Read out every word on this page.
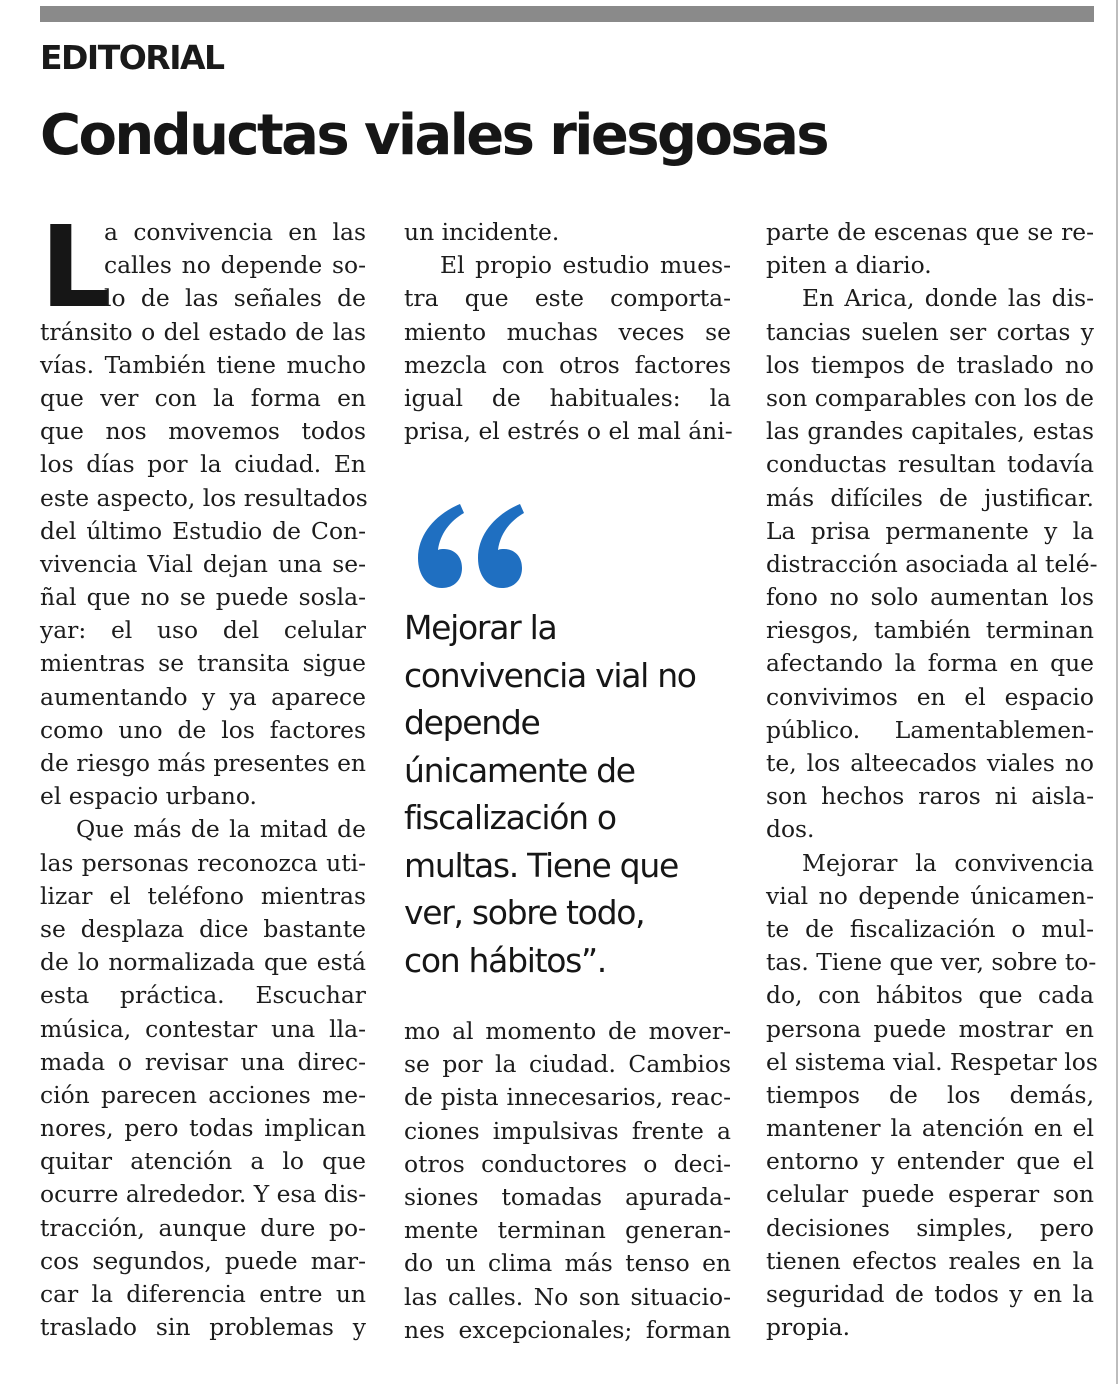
EDITORIAL
Conductas viales riesgosas
L
a convivencia en las
calles no depende so-
lo de las señales de
tránsito o del estado de las
vías. También tiene mucho
que ver con la forma en
que nos movemos todos
los días por la ciudad. En
este aspecto, los resultados
del último Estudio de Con-
vivencia Vial dejan una se-
ñal que no se puede sosla-
yar: el uso del celular
mientras se transita sigue
aumentando y ya aparece
como uno de los factores
de riesgo más presentes en
el espacio urbano.
Que más de la mitad de
las personas reconozca uti-
lizar el teléfono mientras
se desplaza dice bastante
de lo normalizada que está
esta práctica. Escuchar
música, contestar una lla-
mada o revisar una direc-
ción parecen acciones me-
nores, pero todas implican
quitar atención a lo que
ocurre alrededor. Y esa dis-
tracción, aunque dure po-
cos segundos, puede mar-
car la diferencia entre un
traslado sin problemas y
un incidente.
El propio estudio mues-
tra que este comporta-
miento muchas veces se
mezcla con otros factores
igual de habituales: la
prisa, el estrés o el mal áni-
Mejorar la
convivencia vial no
depende
únicamente de
fiscalización o
multas. Tiene que
ver, sobre todo,
con hábitos”.
mo al momento de mover-
se por la ciudad. Cambios
de pista innecesarios, reac-
ciones impulsivas frente a
otros conductores o deci-
siones tomadas apurada-
mente terminan generan-
do un clima más tenso en
las calles. No son situacio-
nes excepcionales; forman
parte de escenas que se re-
piten a diario.
En Arica, donde las dis-
tancias suelen ser cortas y
los tiempos de traslado no
son comparables con los de
las grandes capitales, estas
conductas resultan todavía
más difíciles de justificar.
La prisa permanente y la
distracción asociada al telé-
fono no solo aumentan los
riesgos, también terminan
afectando la forma en que
convivimos en el espacio
público. Lamentablemen-
te, los alteecados viales no
son hechos raros ni aisla-
dos.
Mejorar la convivencia
vial no depende únicamen-
te de fiscalización o mul-
tas. Tiene que ver, sobre to-
do, con hábitos que cada
persona puede mostrar en
el sistema vial. Respetar los
tiempos de los demás,
mantener la atención en el
entorno y entender que el
celular puede esperar son
decisiones simples, pero
tienen efectos reales en la
seguridad de todos y en la
propia.
